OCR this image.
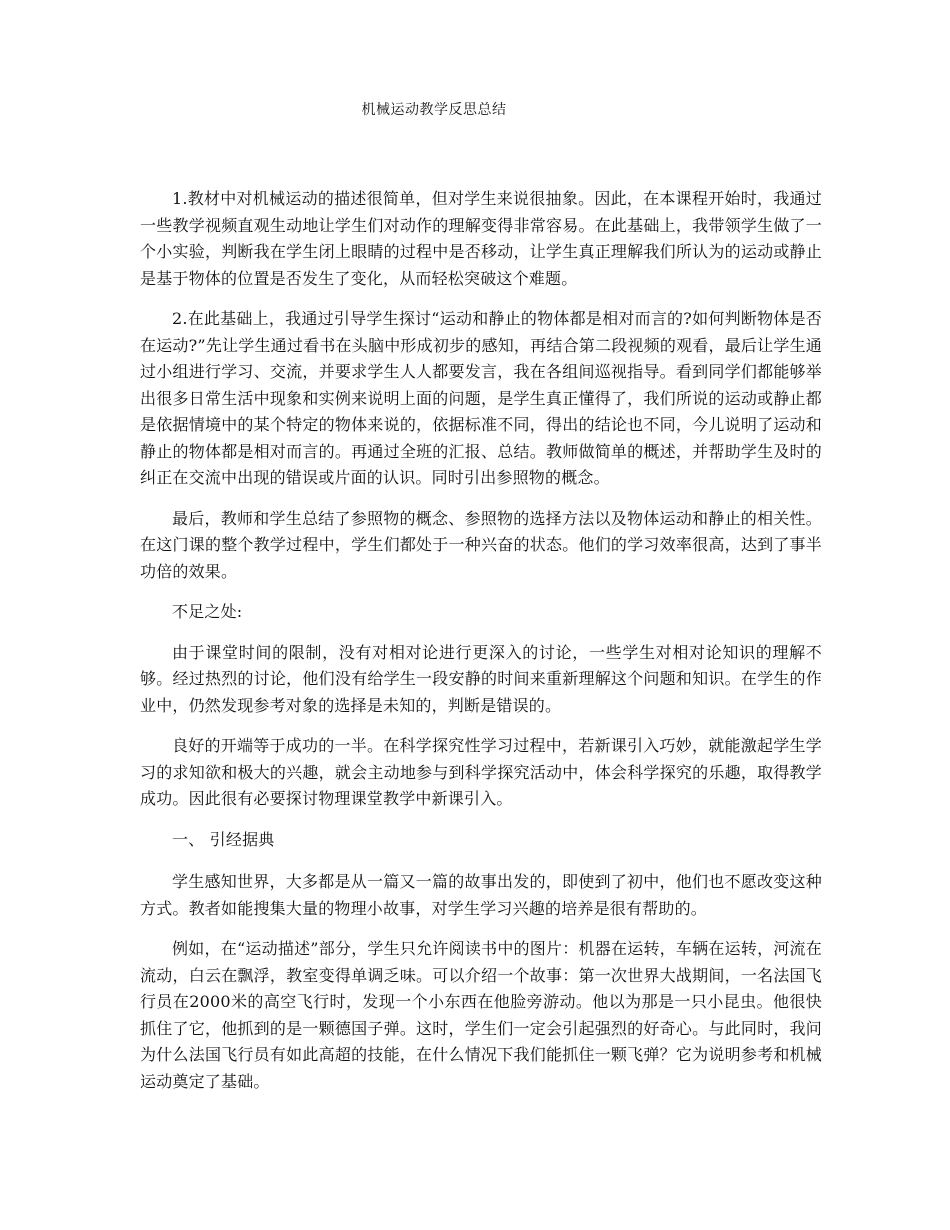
机械运动教学反思总结

1.教材中对机械运动的描述很简单，但对学生来说很抽象。因此，在本课程开始时，我通过一些教学视频直观生动地让学生们对动作的理解变得非常容易。在此基础上，我带领学生做了一个小实验，判断我在学生闭上眼睛的过程中是否移动，让学生真正理解我们所认为的运动或静止是基于物体的位置是否发生了变化，从而轻松突破这个难题。

2.在此基础上，我通过引导学生探讨“运动和静止的物体都是相对而言的?如何判断物体是否在运动?”先让学生通过看书在头脑中形成初步的感知，再结合第二段视频的观看，最后让学生通过小组进行学习、交流，并要求学生人人都要发言，我在各组间巡视指导。看到同学们都能够举出很多日常生活中现象和实例来说明上面的问题，是学生真正懂得了，我们所说的运动或静止都是依据情境中的某个特定的物体来说的，依据标准不同，得出的结论也不同，今儿说明了运动和静止的物体都是相对而言的。再通过全班的汇报、总结。教师做简单的概述，并帮助学生及时的纠正在交流中出现的错误或片面的认识。同时引出参照物的概念。

最后，教师和学生总结了参照物的概念、参照物的选择方法以及物体运动和静止的相关性。在这门课的整个教学过程中，学生们都处于一种兴奋的状态。他们的学习效率很高，达到了事半功倍的效果。

不足之处:

由于课堂时间的限制，没有对相对论进行更深入的讨论，一些学生对相对论知识的理解不够。经过热烈的讨论，他们没有给学生一段安静的时间来重新理解这个问题和知识。在学生的作业中，仍然发现参考对象的选择是未知的，判断是错误的。

良好的开端等于成功的一半。在科学探究性学习过程中，若新课引入巧妙，就能激起学生学习的求知欲和极大的兴趣，就会主动地参与到科学探究活动中，体会科学探究的乐趣，取得教学成功。因此很有必要探讨物理课堂教学中新课引入。

一、 引经据典

学生感知世界，大多都是从一篇又一篇的故事出发的，即使到了初中，他们也不愿改变这种方式。教者如能搜集大量的物理小故事，对学生学习兴趣的培养是很有帮助的。

例如，在“运动描述”部分，学生只允许阅读书中的图片：机器在运转，车辆在运转，河流在流动，白云在飘浮，教室变得单调乏味。可以介绍一个故事：第一次世界大战期间，一名法国飞行员在2000米的高空飞行时，发现一个小东西在他脸旁游动。他以为那是一只小昆虫。他很快抓住了它，他抓到的是一颗德国子弹。这时，学生们一定会引起强烈的好奇心。与此同时，我问为什么法国飞行员有如此高超的技能，在什么情况下我们能抓住一颗飞弹？它为说明参考和机械运动奠定了基础。
